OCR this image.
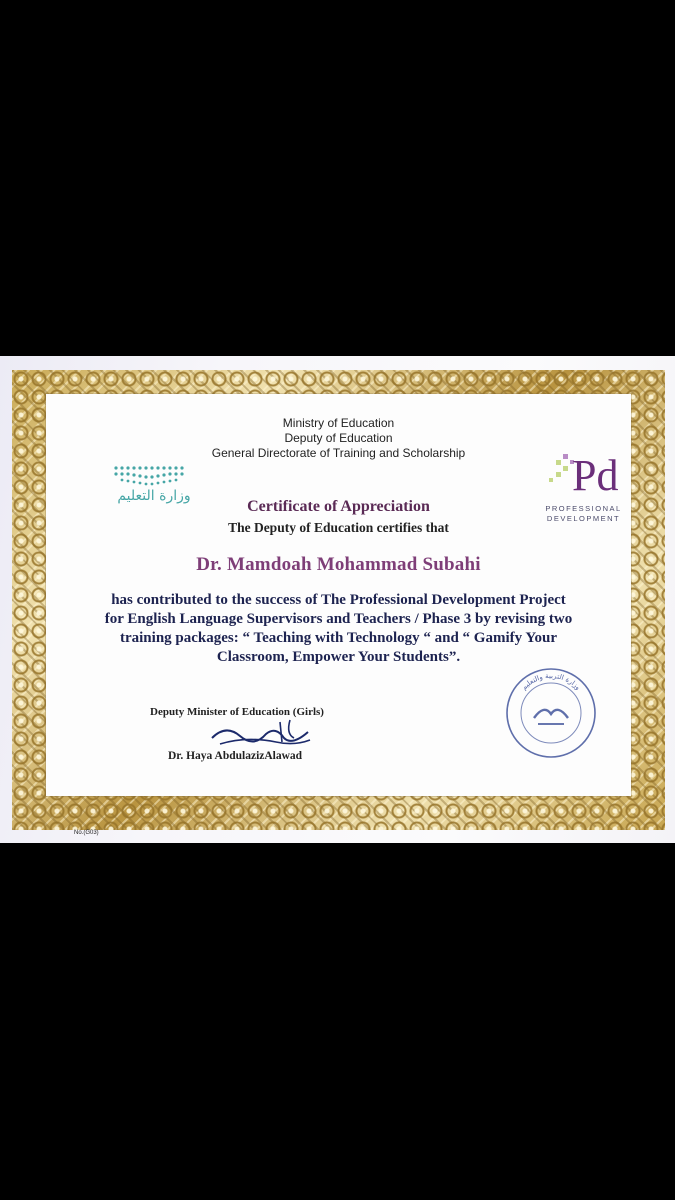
وزارة التعليم
Ministry of Education
Deputy of Education
General Directorate of Training and Scholarship	Pd
PROFESSIONAL
DEVELOPMENT
Certificate of Appreciation
The Deputy of Education certifies that
Dr. Mamdoah Mohammad Subahi
has contributed to the success of The Professional Development Project
for English Language Supervisors and Teachers / Phase 3 by revising two
training packages: “ Teaching with Technology “ and “ Gamify Your
Classroom, Empower Your Students”.
وزارة التربية والتعليم
Deputy Minister of Education (Girls)
Dr. Haya AbdulazizAlawad
No.(G03)
